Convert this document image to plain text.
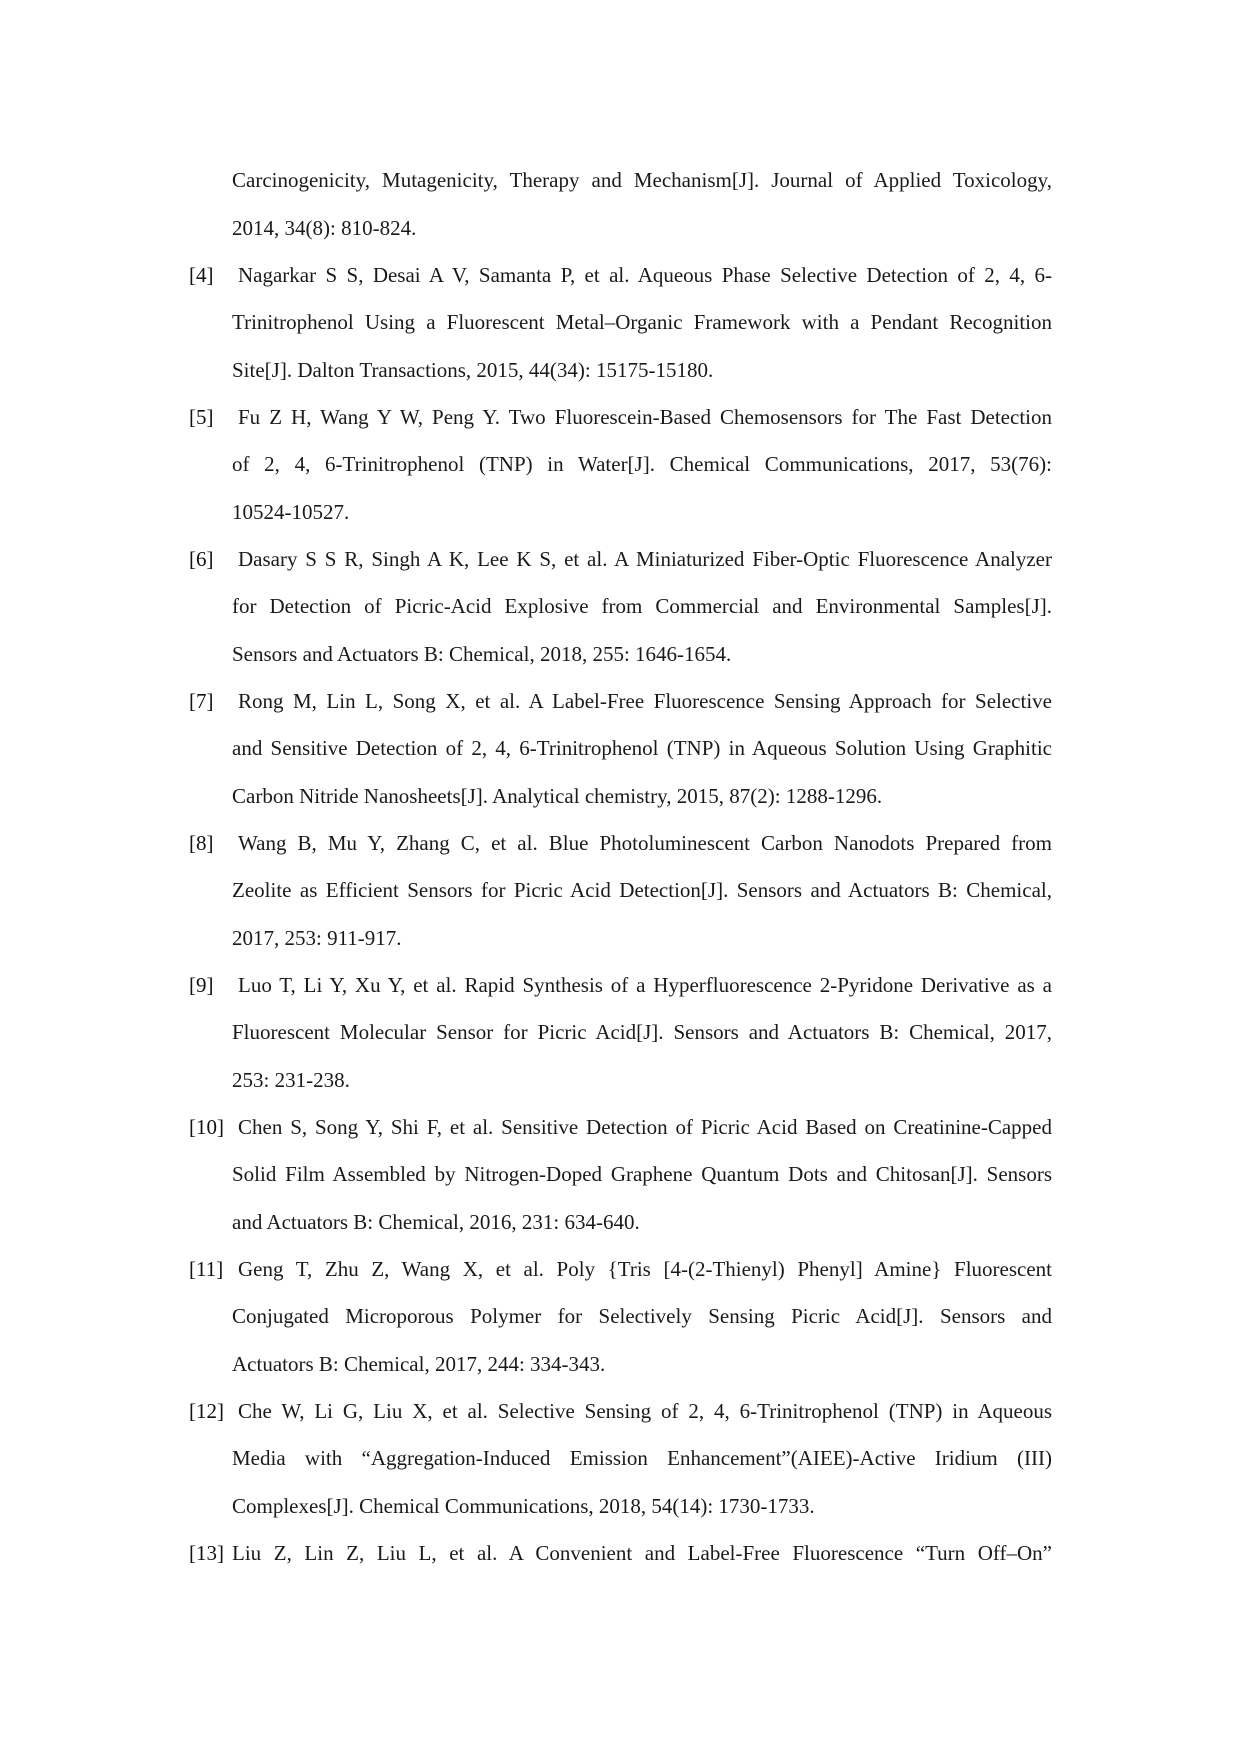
Carcinogenicity, Mutagenicity, Therapy and Mechanism[J]. Journal of Applied Toxicology,
2014, 34(8): 810-824.
[4] Nagarkar S S, Desai A V, Samanta P, et al. Aqueous Phase Selective Detection of 2, 4, 6-
Trinitrophenol Using a Fluorescent Metal–Organic Framework with a Pendant Recognition
Site[J]. Dalton Transactions, 2015, 44(34): 15175-15180.
[5] Fu Z H, Wang Y W, Peng Y. Two Fluorescein-Based Chemosensors for The Fast Detection
of 2, 4, 6-Trinitrophenol (TNP) in Water[J]. Chemical Communications, 2017, 53(76):
10524-10527.
[6] Dasary S S R, Singh A K, Lee K S, et al. A Miniaturized Fiber-Optic Fluorescence Analyzer
for Detection of Picric-Acid Explosive from Commercial and Environmental Samples[J].
Sensors and Actuators B: Chemical, 2018, 255: 1646-1654.
[7] Rong M, Lin L, Song X, et al. A Label-Free Fluorescence Sensing Approach for Selective
and Sensitive Detection of 2, 4, 6-Trinitrophenol (TNP) in Aqueous Solution Using Graphitic
Carbon Nitride Nanosheets[J]. Analytical chemistry, 2015, 87(2): 1288-1296.
[8] Wang B, Mu Y, Zhang C, et al. Blue Photoluminescent Carbon Nanodots Prepared from
Zeolite as Efficient Sensors for Picric Acid Detection[J]. Sensors and Actuators B: Chemical,
2017, 253: 911-917.
[9] Luo T, Li Y, Xu Y, et al. Rapid Synthesis of a Hyperfluorescence 2-Pyridone Derivative as a
Fluorescent Molecular Sensor for Picric Acid[J]. Sensors and Actuators B: Chemical, 2017,
253: 231-238.
[10] Chen S, Song Y, Shi F, et al. Sensitive Detection of Picric Acid Based on Creatinine-Capped
Solid Film Assembled by Nitrogen-Doped Graphene Quantum Dots and Chitosan[J]. Sensors
and Actuators B: Chemical, 2016, 231: 634-640.
[11] Geng T, Zhu Z, Wang X, et al. Poly {Tris [4-(2-Thienyl) Phenyl] Amine} Fluorescent
Conjugated Microporous Polymer for Selectively Sensing Picric Acid[J]. Sensors and
Actuators B: Chemical, 2017, 244: 334-343.
[12] Che W, Li G, Liu X, et al. Selective Sensing of 2, 4, 6-Trinitrophenol (TNP) in Aqueous
Media with “Aggregation-Induced Emission Enhancement”(AIEE)-Active Iridium (III)
Complexes[J]. Chemical Communications, 2018, 54(14): 1730-1733.
[13] Liu Z, Lin Z, Liu L, et al. A Convenient and Label-Free Fluorescence “Turn Off–On”
